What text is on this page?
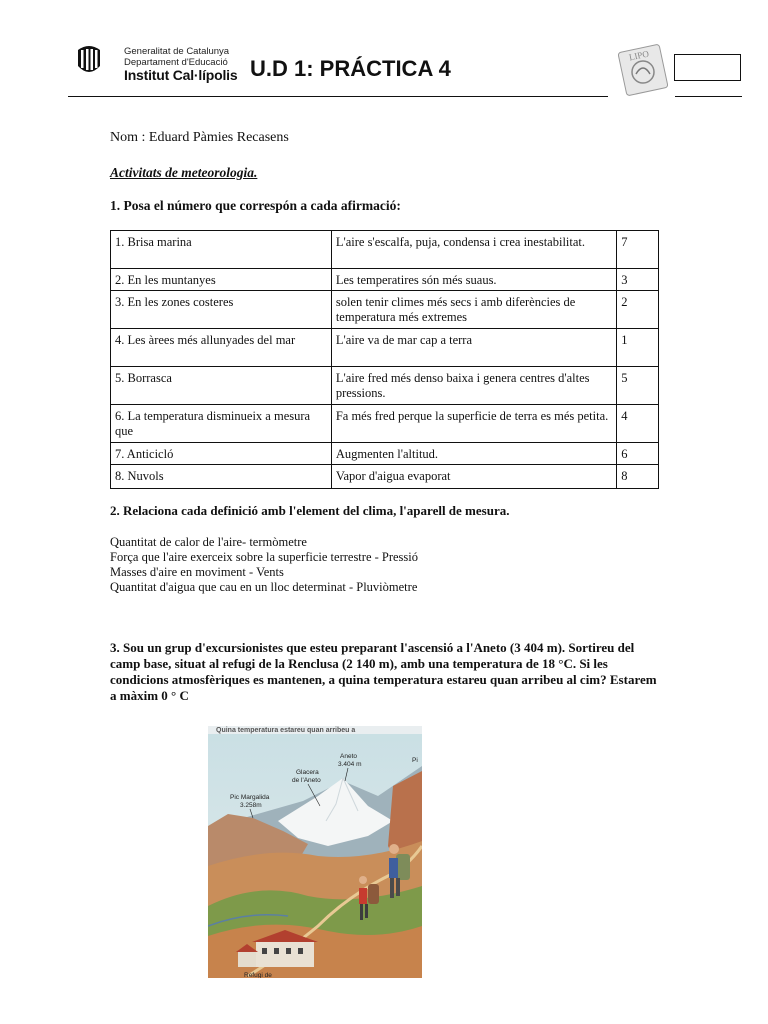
Generalitat de Catalunya
Departament d'Educació
Institut Cal·lípolis U.D 1: PRÁCTICA 4
LIPO
Nom : Eduard Pàmies Recasens
Activitats de meteorologia.
1. Posa el número que correspón a cada afirmació:
1. Brisa marina	L'aire s'escalfa, puja, condensa i crea inestabilitat.	7
2. En les muntanyes	Les temperatires són més suaus.	3
3. En les zones costeres	solen tenir climes més secs i amb diferències de temperatura més extremes	2
4. Les àrees més allunyades del mar	L'aire va de mar cap a terra	1
5. Borrasca	L'aire fred més denso baixa i genera centres d'altes pressions.	5
6. La temperatura disminueix a mesura que	Fa més fred perque la superficie de terra es més petita.	4
7. Anticicló	Augmenten l'altitud.	6
8. Nuvols	Vapor d'aigua evaporat	8
2. Relaciona cada definició amb l'element del clima, l'aparell de mesura.
Quantitat de calor de l'aire- termòmetre
Força que l'aire exerceix sobre la superficie terrestre - Pressió
Masses d'aire en moviment - Vents
Quantitat d'aigua que cau en un lloc determinat - Pluviòmetre
3. Sou un grup d'excursionistes que esteu preparant l'ascensió a l'Aneto (3 404 m). Sortireu del camp base, situat al refugi de la Renclusa (2 140 m), amb una temperatura de 18 °C. Si les condicions atmosfèriques es mantenen, a quina temperatura estareu quan arribeu al cim? Estarem a màxim 0 ° C
Quina temperatura estareu quan arribeu a
Aneto
3.404 m
Glacera
de l'Aneto
Pic Margalida
3.258m
Refugi de
Pi
